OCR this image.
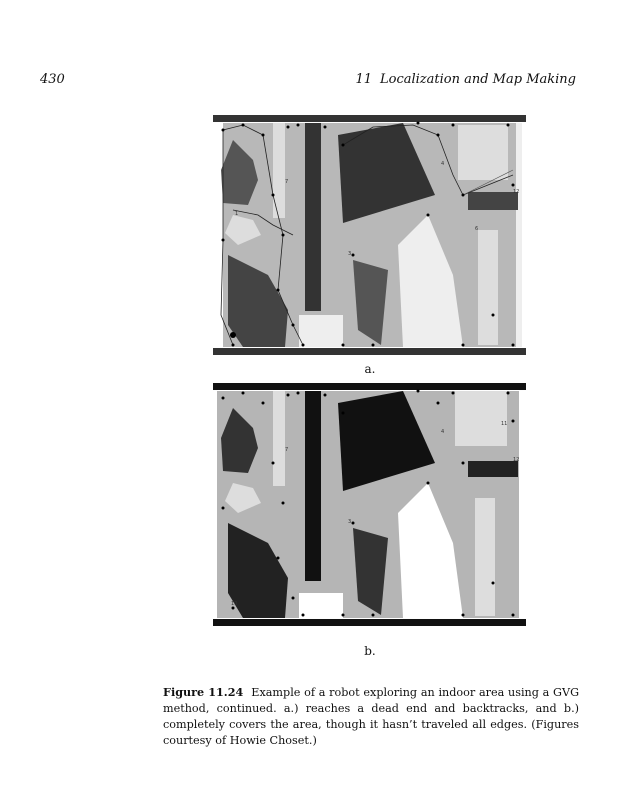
430	11 Localization and Map Making
12
4
6
3
7
1
a.
12
11
4
3
7
10
b.
Figure 11.24 Example of a robot exploring an indoor area using a GVG method, continued. a.) reaches a dead end and backtracks, and b.) completely covers the area, though it hasn’t traveled all edges. (Figures courtesy of Howie Choset.)
